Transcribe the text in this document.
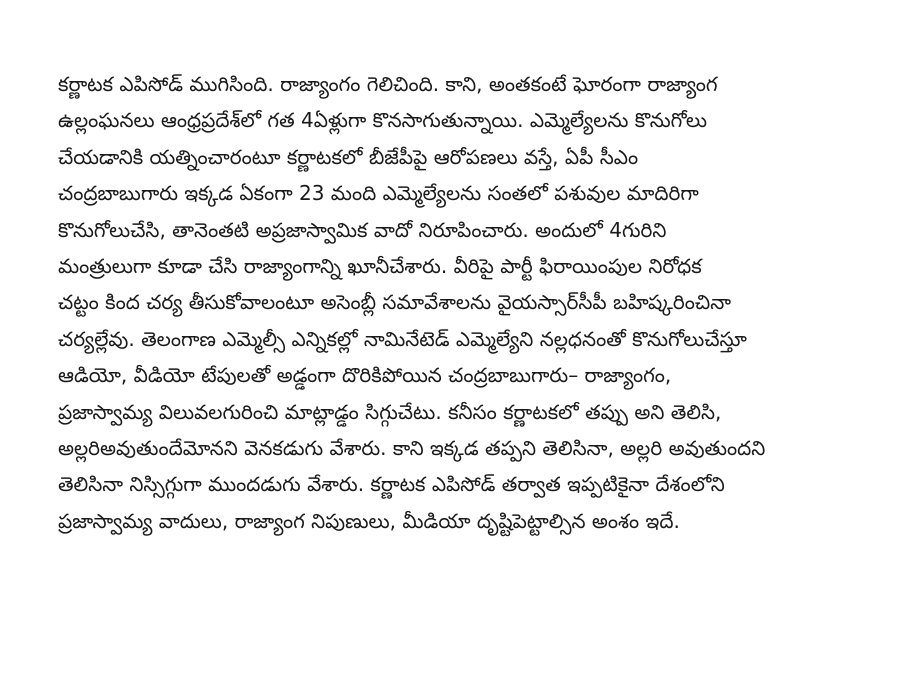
కర్ణాటక ఎపిసోడ్ ముగిసింది. రాజ్యాంగం గెలిచింది. కాని, అంతకంటే ఘోరంగా రాజ్యాంగ
ఉల్లంఘనలు ఆంధ్రప్రదేశ్‌లో గత 4ఏళ్లుగా కొనసాగుతున్నాయి. ఎమ్మెల్యేలను కొనుగోలు
చేయడానికి యత్నించారంటూ కర్ణాటకలో బీజేపీపై ఆరోపణలు వస్తే, ఏపీ సీఎం
చంద్రబాబుగారు ఇక్కడ ఏకంగా 23 మంది ఎమ్మెల్యేలను సంతలో పశువుల మాదిరిగా
కొనుగోలుచేసి, తానెంతటి అప్రజాస్వామిక వాదో నిరూపించారు. అందులో 4గురిని
మంత్రులుగా కూడా చేసి రాజ్యాంగాన్ని ఖూనీచేశారు. వీరిపై పార్టీ ఫిరాయింపుల నిరోధక
చట్టం కింద చర్య తీసుకోవాలంటూ అసెంబ్లీ సమావేశాలను వైయస్సార్‌సీపీ బహిష్కరించినా
చర్యల్లేవు. తెలంగాణ ఎమ్మెల్సీ ఎన్నికల్లో నామినేటెడ్ ఎమ్మెల్యేని నల్లధనంతో కొనుగోలుచేస్తూ
ఆడియో, వీడియో టేపులతో అడ్డంగా దొరికిపోయిన చంద్రబాబుగారు– రాజ్యాంగం,
ప్రజాస్వామ్య విలువలగురించి మాట్లాడ్డం సిగ్గుచేటు. కనీసం కర్ణాటకలో తప్పు అని తెలిసి,
అల్లరిఅవుతుందేమోనని వెనకడుగు వేశారు. కాని ఇక్కడ తప్పని తెలిసినా, అల్లరి అవుతుందని
తెలిసినా నిస్సిగ్గుగా ముందడుగు వేశారు. కర్ణాటక ఎపిసోడ్ తర్వాత ఇప్పటికైనా దేశంలోని
ప్రజాస్వామ్య వాదులు, రాజ్యాంగ నిపుణులు, మీడియా దృష్టిపెట్టాల్సిన అంశం ఇదే.
